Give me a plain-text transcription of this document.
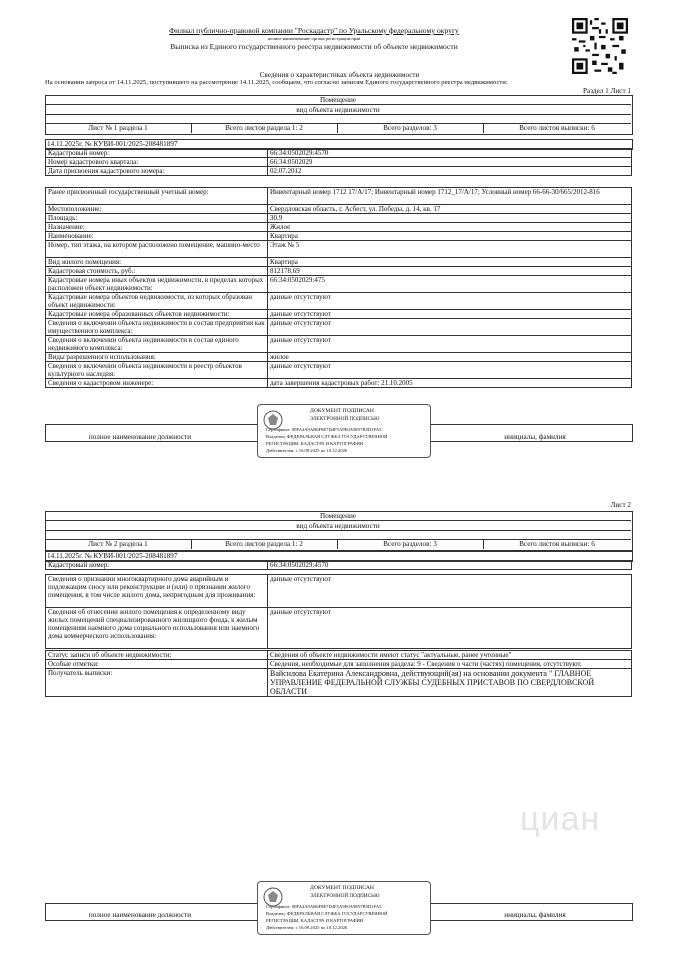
Филиал публично-правовой компании "Роскадастр" по Уральскому федеральному округу
полное наименование органа регистрации прав
Выписка из Единого государственного реестра недвижимости об объекте недвижимости
Сведения о характеристиках объекта недвижимости
На основании запроса от 14.11.2025, поступившего на рассмотрение 14.11.2025, сообщаем, что согласно записям Единого государственного реестра недвижимости:
Раздел 1 Лист 1
Помещение
вид объекта недвижимости
Лист № 1 раздела 1	Всего листов раздела 1: 2	Всего разделов: 3	Всего листов выписки: 6
14.11.2025г. № КУВИ-001/2025-208481897
Кадастровый номер:	66:34:0502029:4570
Номер кадастрового квартала:	66:34:0502029
Дата присвоения кадастрового номера:	02.07.2012
Ранее присвоенный государственный учетный номер:	Инвентарный номер 1712 17/А/17; Инвентарный номер 1712_17/А/17; Условный номер 66-66-30/665/2012-816
Местоположение:	Свердловская область, г. Асбест, ул. Победы, д. 14, кв. 17
Площадь:	30.9
Назначение:	Жилое
Наименование:	Квартира
Номер, тип этажа, на котором расположено помещение, машино-место	Этаж № 5
Вид жилого помещения:	Квартира
Кадастровая стоимость, руб.:	812178.69
Кадастровые номера иных объектов недвижимости, в пределах которых расположен объект недвижимости:	66:34:0502029:475
Кадастровые номера объектов недвижимости, из которых образован объект недвижимости:	данные отсутствуют
Кадастровые номера образованных объектов недвижимости:	данные отсутствуют
Сведения о включении объекта недвижимости в состав предприятия как имущественного комплекса:	данные отсутствуют
Сведения о включении объекта недвижимости в состав единого недвижимого комплекса:	данные отсутствуют
Виды разрешенного использования:	жилое
Сведения о включении объекта недвижимости в реестр объектов культурного наследия:	данные отсутствуют
Сведения о кадастровом инженере:	дата завершения кадастровых работ: 21.10.2005
полное наименование должности	инициалы, фамилия
ДОКУМЕНТ ПОДПИСАН
ЭЛЕКТРОННОЙ ПОДПИСЬЮ
Сертификат: 00FA4A9AB6F8E7D4F5A9E0A9E97B5D1FA5
Владелец: ФЕДЕРАЛЬНАЯ СЛУЖБА ГОСУДАРСТВЕННОЙ
РЕГИСТРАЦИИ, КАДАСТРА И КАРТОГРАФИИ
Действителен: с 16.09.2025 по 10.12.2026
Лист 2
Помещение
вид объекта недвижимости
Лист № 2 раздела 1	Всего листов раздела 1: 2	Всего разделов: 3	Всего листов выписки: 6
14.11.2025г. № КУВИ-001/2025-208481897
Кадастровый номер:	66:34:0502029:4570
Сведения о признании многоквартирного дома аварийным и подлежащим сносу или реконструкции и (или) о признании жилого помещения, в том числе жилого дома, непригодным для проживания:	данные отсутствуют
Сведения об отнесении жилого помещения к определенному виду жилых помещений специализированного жилищного фонда, к жилым помещениям наемного дома социального использования или наемного дома коммерческого использования:	данные отсутствуют
Статус записи об объекте недвижимости:	Сведения об объекте недвижимости имеют статус "актуальные, ранее учтенные"
Особые отметки:	Сведения, необходимые для заполнения раздела: 9 - Сведения о части (частях) помещения, отсутствуют.
Получатель выписки:	Вайсилова Екатерина Александровна, действующий(ая) на основании документа " ГЛАВНОЕ УПРАВЛЕНИЕ ФЕДЕРАЛЬНОЙ СЛУЖБЫ СУДЕБНЫХ ПРИСТАВОВ ПО СВЕРДЛОВСКОЙ ОБЛАСТИ
полное наименование должности	инициалы, фамилия
ДОКУМЕНТ ПОДПИСАН
ЭЛЕКТРОННОЙ ПОДПИСЬЮ
Сертификат: 00FA4A9AB6F8E7D4F5A9E0A9E97B5D1FA5
Владелец: ФЕДЕРАЛЬНАЯ СЛУЖБА ГОСУДАРСТВЕННОЙ
РЕГИСТРАЦИИ, КАДАСТРА И КАРТОГРАФИИ
Действителен: с 16.09.2025 по 10.12.2026
циан
